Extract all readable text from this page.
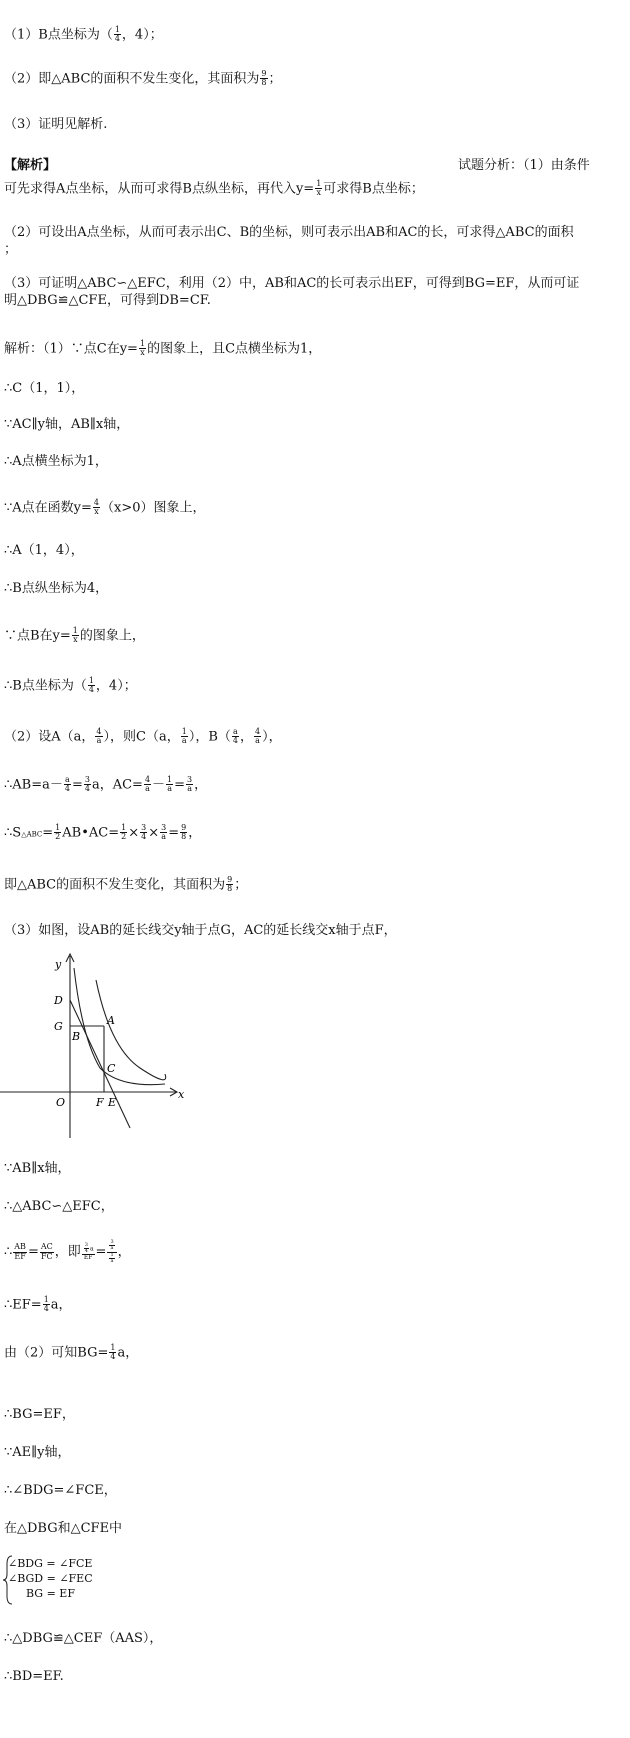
（1）B点坐标为（ $\frac{1}{4}$ ，4）；
（2）即△ABC的面积不发生变化，其面积为 $\frac{9}{8}$ ；
（3）证明见解析.
【解析】	试题分析：（1）由条件
可先求得A点坐标，从而可求得B点纵坐标，再代入$y= \frac{1}{x}$ 可求得B点坐标；
（2）可设出A点坐标，从而可表示出C、B的坐标，则可表示出AB和AC的长，可求得△ABC的面积
；
（3）可证明△ABC∽△EFC，利用（2）中，AB和AC的长可表示出EF，可得到BG=EF，从而可证
明△DBG≌△CFE，可得到DB=CF.
解析：（1）∵点C在$y= \frac{1}{x}$ 的图象上，且C点横坐标为1，
∴C（1，1），
∵AC∥y轴，AB∥x轴，
∴A点横坐标为1，
∵A点在函数$y= \frac{4}{x} (x>0)$图象上，
∴A（1，4），
∴B点纵坐标为4，
∵点B在$y= \frac{1}{x}$ 的图象上，
∴B点坐标为（ $\frac{1}{4}$ ，4）；
（2）设A（a， $\frac{4}{a}$ ），则C（a， $\frac{1}{a}$ ），$B( \frac{a}{4}$ ， $\frac{4}{a}$ ），
∴AB=a－ $\frac{a}{4} = \frac{3}{4}$ a，$AC= \frac{4}{a} - \frac{1}{a} = \frac{3}{a}$ ，
∴S△ABC= $\frac{1}{2}$ AB•AC= $\frac{1}{2} \times \frac{3}{4} \times \frac{3}{a} = \frac{9}{8}$ ，
即△ABC的面积不发生变化，其面积为 $\frac{9}{8}$ ；
（3）如图，设AB的延长线交y轴于点G，AC的延长线交x轴于点F，
y
x
D
G
B
A
C
O	F E
∵AB∥x轴，
∴△ABC∽△EFC，
∴ $\frac{AB}{EF} = \frac{AC}{FC}$ ，即 $\frac{\frac{3}{4} a}{EF} = \frac{\frac{3}{a}}{\frac{1}{a}}$ ，
∴EF= $\frac{1}{4}$ a，
由（2）可知$BG= \frac{1}{4}$ a，
∴BG=EF，
∵AE∥y轴，
∴∠BDG=∠FCE，
在△DBG和△CFE中
∠BDG = ∠FCE
∠BGD = ∠FEC
BG = EF
∴△DBG≌△CEF（AAS），
∴BD=EF.
